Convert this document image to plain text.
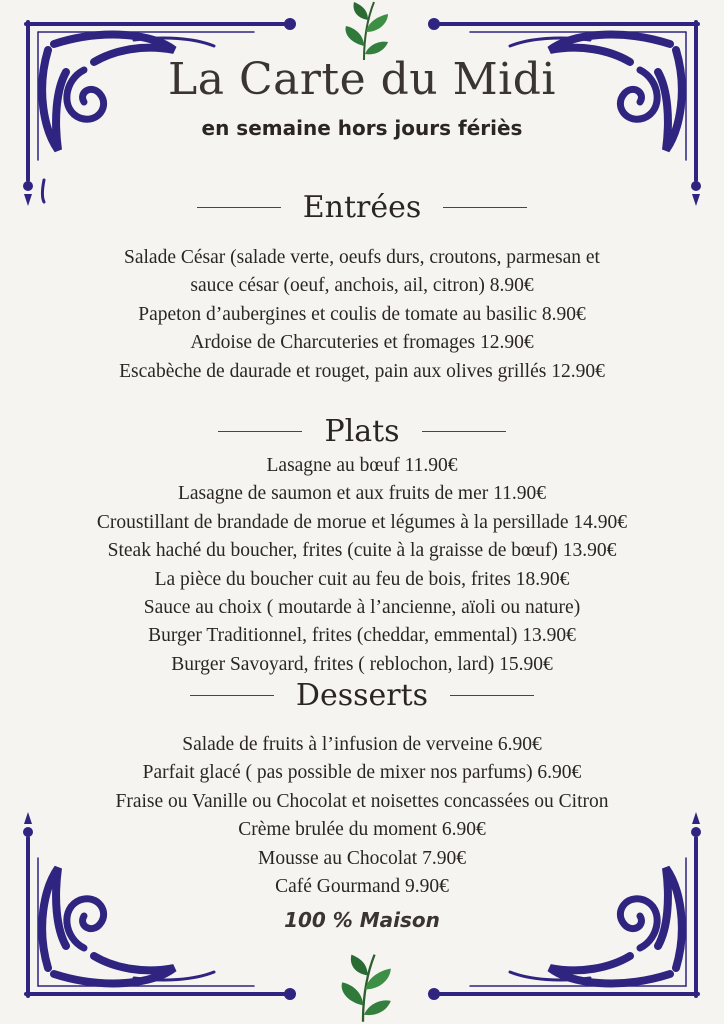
La Carte du Midi
en semaine hors jours fériès
Entrées
Salade César (salade verte, oeufs durs, croutons, parmesan et
sauce césar (oeuf, anchois, ail, citron) 8.90€
Papeton d’aubergines et coulis de tomate au basilic 8.90€
Ardoise de Charcuteries et fromages 12.90€
Escabèche de daurade et rouget, pain aux olives grillés 12.90€
Plats
Lasagne au bœuf 11.90€
Lasagne de saumon et aux fruits de mer 11.90€
Croustillant de brandade de morue et légumes à la persillade 14.90€
Steak haché du boucher, frites (cuite à la graisse de bœuf) 13.90€
La pièce du boucher cuit au feu de bois, frites 18.90€
Sauce au choix ( moutarde à l’ancienne, aïoli ou nature)
Burger Traditionnel, frites (cheddar, emmental) 13.90€
Burger Savoyard, frites ( reblochon, lard) 15.90€
Desserts
Salade de fruits à l’infusion de verveine 6.90€
Parfait glacé ( pas possible de mixer nos parfums) 6.90€
Fraise ou Vanille ou Chocolat et noisettes concassées ou Citron
Crème brulée du moment 6.90€
Mousse au Chocolat 7.90€
Café Gourmand 9.90€
100 % Maison
